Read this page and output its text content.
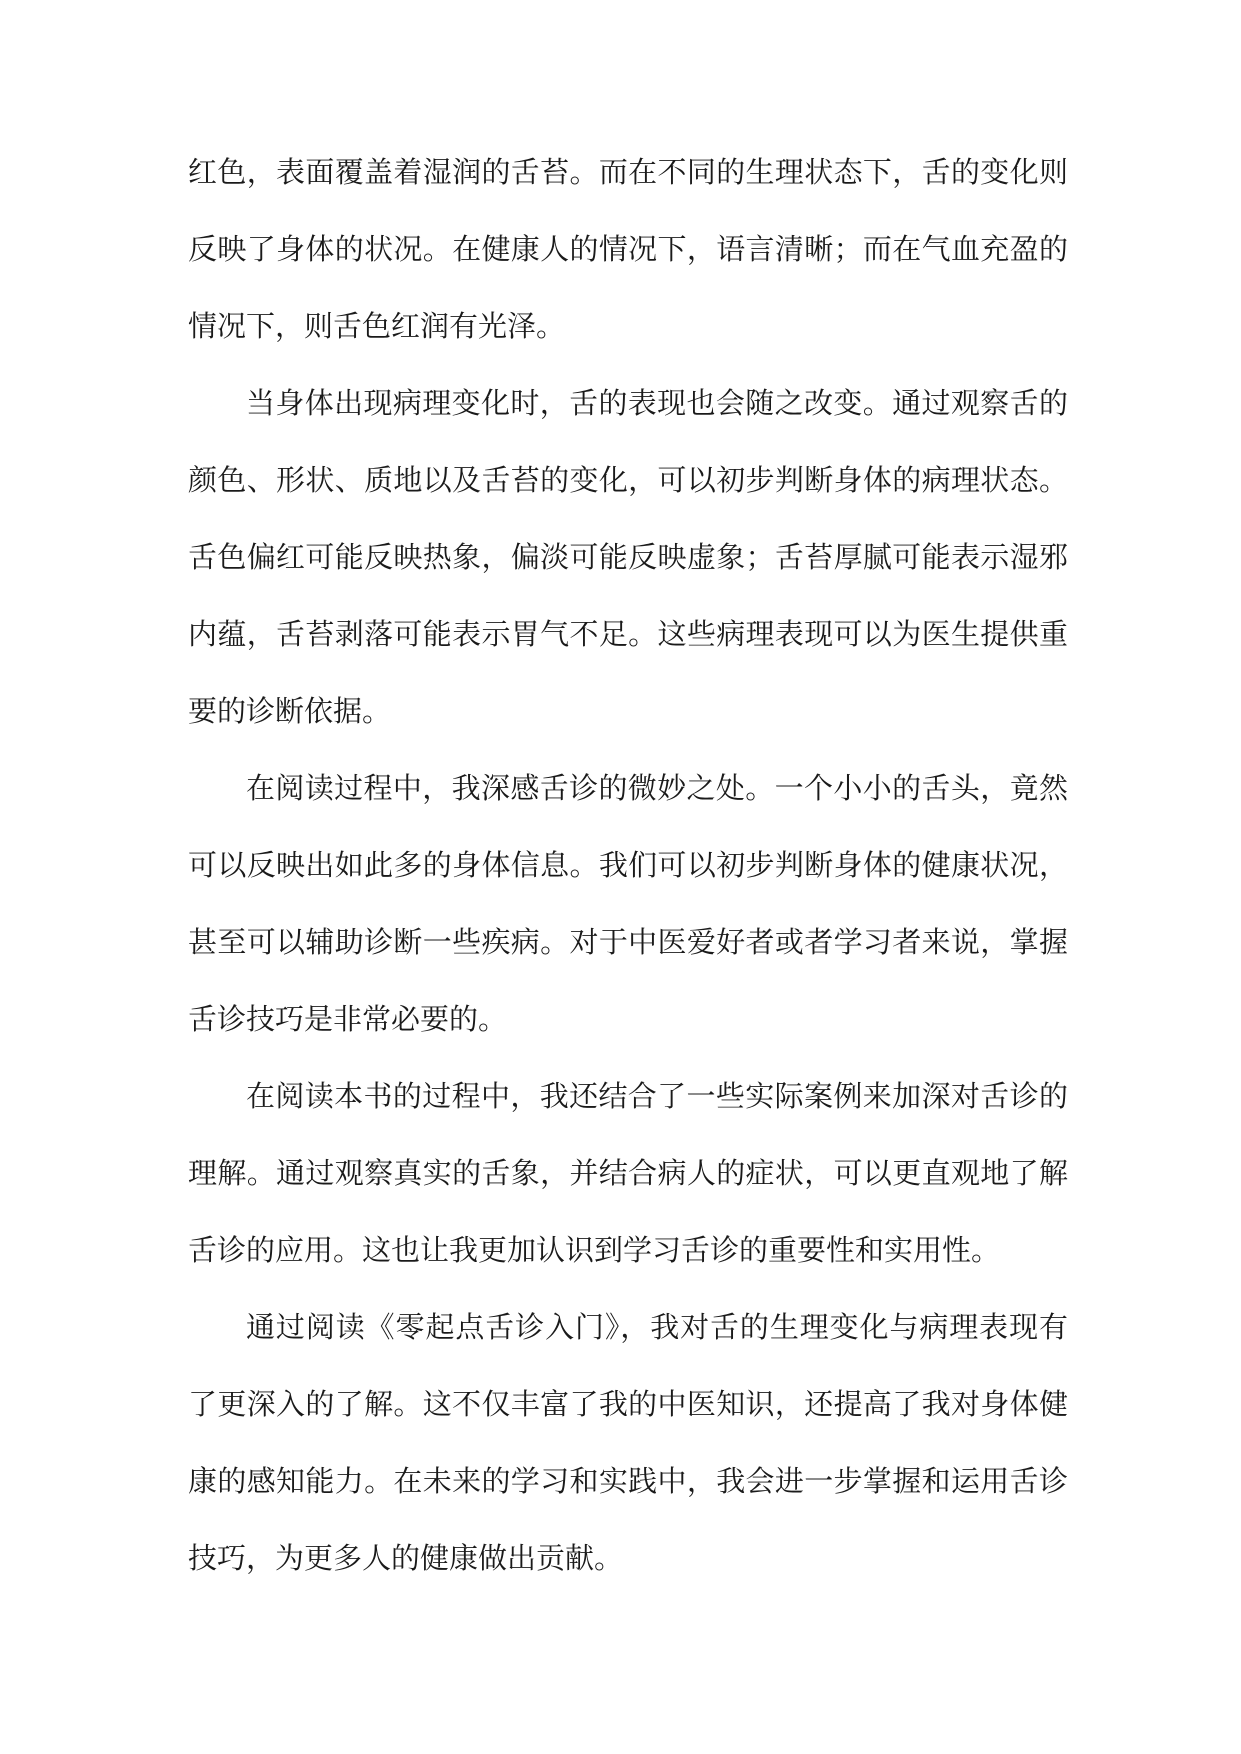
红色，表面覆盖着湿润的舌苔。而在不同的生理状态下，舌的变化则反映了身体的状况。在健康人的情况下，语言清晰；而在气血充盈的情况下，则舌色红润有光泽。

当身体出现病理变化时，舌的表现也会随之改变。通过观察舌的颜色、形状、质地以及舌苔的变化，可以初步判断身体的病理状态。舌色偏红可能反映热象，偏淡可能反映虚象；舌苔厚腻可能表示湿邪内蕴，舌苔剥落可能表示胃气不足。这些病理表现可以为医生提供重要的诊断依据。

在阅读过程中，我深感舌诊的微妙之处。一个小小的舌头，竟然可以反映出如此多的身体信息。我们可以初步判断身体的健康状况，甚至可以辅助诊断一些疾病。对于中医爱好者或者学习者来说，掌握舌诊技巧是非常必要的。

在阅读本书的过程中，我还结合了一些实际案例来加深对舌诊的理解。通过观察真实的舌象，并结合病人的症状，可以更直观地了解舌诊的应用。这也让我更加认识到学习舌诊的重要性和实用性。

通过阅读《零起点舌诊入门》，我对舌的生理变化与病理表现有了更深入的了解。这不仅丰富了我的中医知识，还提高了我对身体健康的感知能力。在未来的学习和实践中，我会进一步掌握和运用舌诊技巧，为更多人的健康做出贡献。
